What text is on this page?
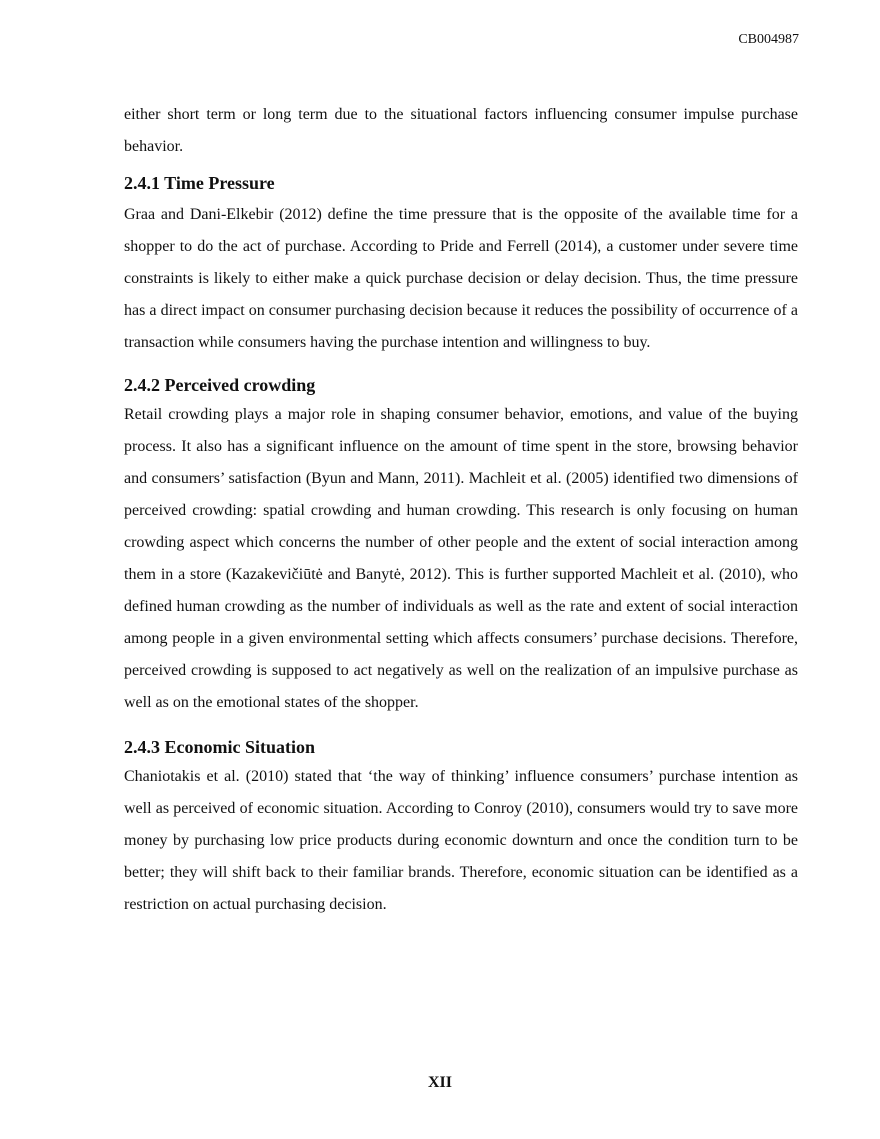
CB004987

either short term or long term due to the situational factors influencing consumer impulse purchase behavior.

2.4.1 Time Pressure

Graa and Dani-Elkebir (2012) define the time pressure that is the opposite of the available time for a shopper to do the act of purchase. According to Pride and Ferrell (2014), a customer under severe time constraints is likely to either make a quick purchase decision or delay decision. Thus, the time pressure has a direct impact on consumer purchasing decision because it reduces the possibility of occurrence of a transaction while consumers having the purchase intention and willingness to buy.

2.4.2 Perceived crowding

Retail crowding plays a major role in shaping consumer behavior, emotions, and value of the buying process. It also has a significant influence on the amount of time spent in the store, browsing behavior and consumers’ satisfaction (Byun and Mann, 2011). Machleit et al. (2005) identified two dimensions of perceived crowding: spatial crowding and human crowding. This research is only focusing on human crowding aspect which concerns the number of other people and the extent of social interaction among them in a store (Kazakevičiūtė and Banytė, 2012). This is further supported Machleit et al. (2010), who defined human crowding as the number of individuals as well as the rate and extent of social interaction among people in a given environmental setting which affects consumers’ purchase decisions. Therefore, perceived crowding is supposed to act negatively as well on the realization of an impulsive purchase as well as on the emotional states of the shopper.

2.4.3 Economic Situation

Chaniotakis et al. (2010) stated that ‘the way of thinking’ influence consumers’ purchase intention as well as perceived of economic situation. According to Conroy (2010), consumers would try to save more money by purchasing low price products during economic downturn and once the condition turn to be better; they will shift back to their familiar brands. Therefore, economic situation can be identified as a restriction on actual purchasing decision.

XII
